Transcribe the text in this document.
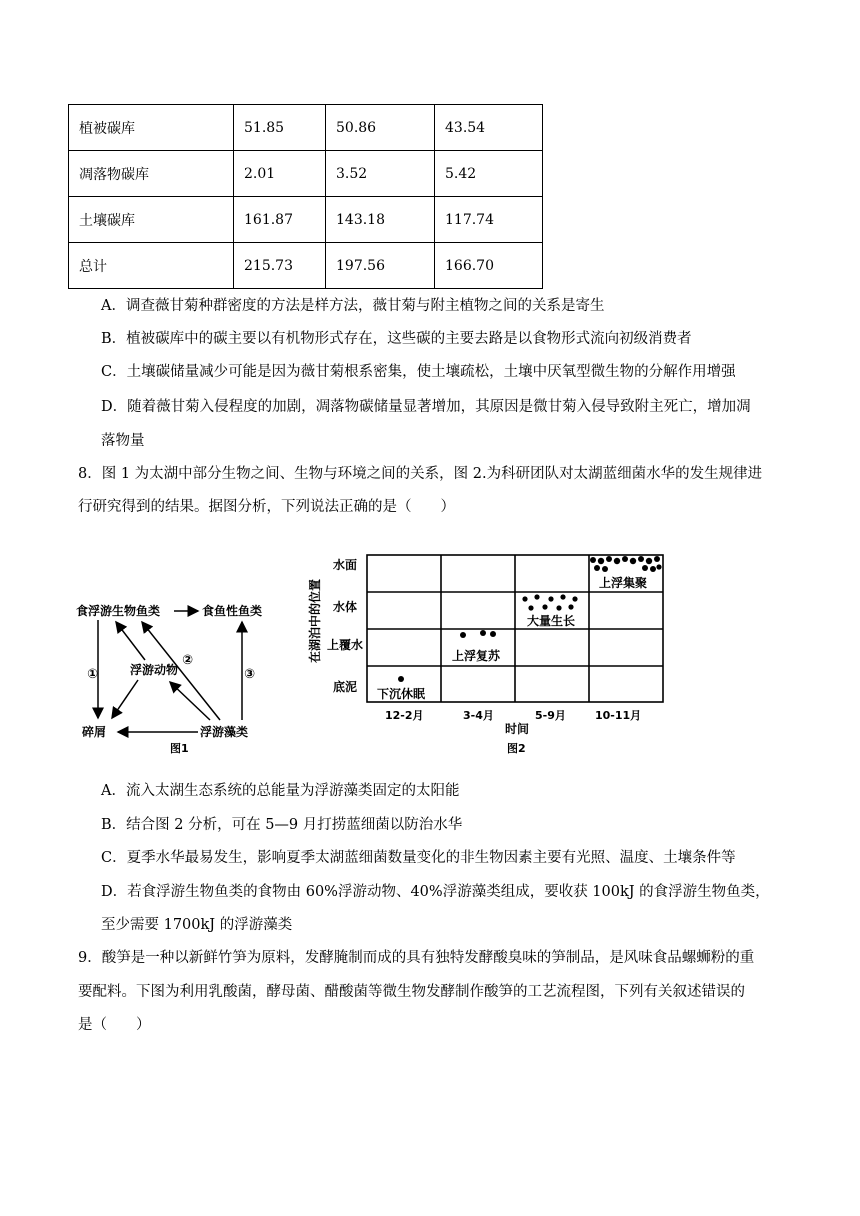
植被碳库	51.85	50.86	43.54
凋落物碳库	2.01	3.52	5.42
土壤碳库	161.87	143.18	117.74
总计	215.73	197.56	166.70
A．调查薇甘菊种群密度的方法是样方法，薇甘菊与附主植物之间的关系是寄生
B．植被碳库中的碳主要以有机物形式存在，这些碳的主要去路是以食物形式流向初级消费者
C．土壤碳储量减少可能是因为薇甘菊根系密集，使土壤疏松，土壤中厌氧型微生物的分解作用增强
D．随着薇甘菊入侵程度的加剧，凋落物碳储量显著增加，其原因是微甘菊入侵导致附主死亡，增加凋
落物量
8．图 1 为太湖中部分生物之间、生物与环境之间的关系，图 2.为科研团队对太湖蓝细菌水华的发生规律进
行研究得到的结果。据图分析，下列说法正确的是（　　）
食浮游生物鱼类	食鱼性鱼类
浮游动物
碎屑	浮游藻类
①
②
③
图1
在湖泊中的位置
水面
水体
上覆水
底泥
12-2月	3-4月	5-9月	10-11月
时间
图2
下沉休眠
上浮复苏
大量生长
上浮集聚
A．流入太湖生态系统的总能量为浮游藻类固定的太阳能
B．结合图 2 分析，可在 5—9 月打捞蓝细菌以防治水华
C．夏季水华最易发生，影响夏季太湖蓝细菌数量变化的非生物因素主要有光照、温度、土壤条件等
D．若食浮游生物鱼类的食物由 60%浮游动物、40%浮游藻类组成，要收获 100kJ 的食浮游生物鱼类，
至少需要 1700kJ 的浮游藻类
9．酸笋是一种以新鲜竹笋为原料，发酵腌制而成的具有独特发酵酸臭味的笋制品，是风味食品螺蛳粉的重
要配料。下图为利用乳酸菌，酵母菌、醋酸菌等微生物发酵制作酸笋的工艺流程图，下列有关叙述错误的
是（　　）
